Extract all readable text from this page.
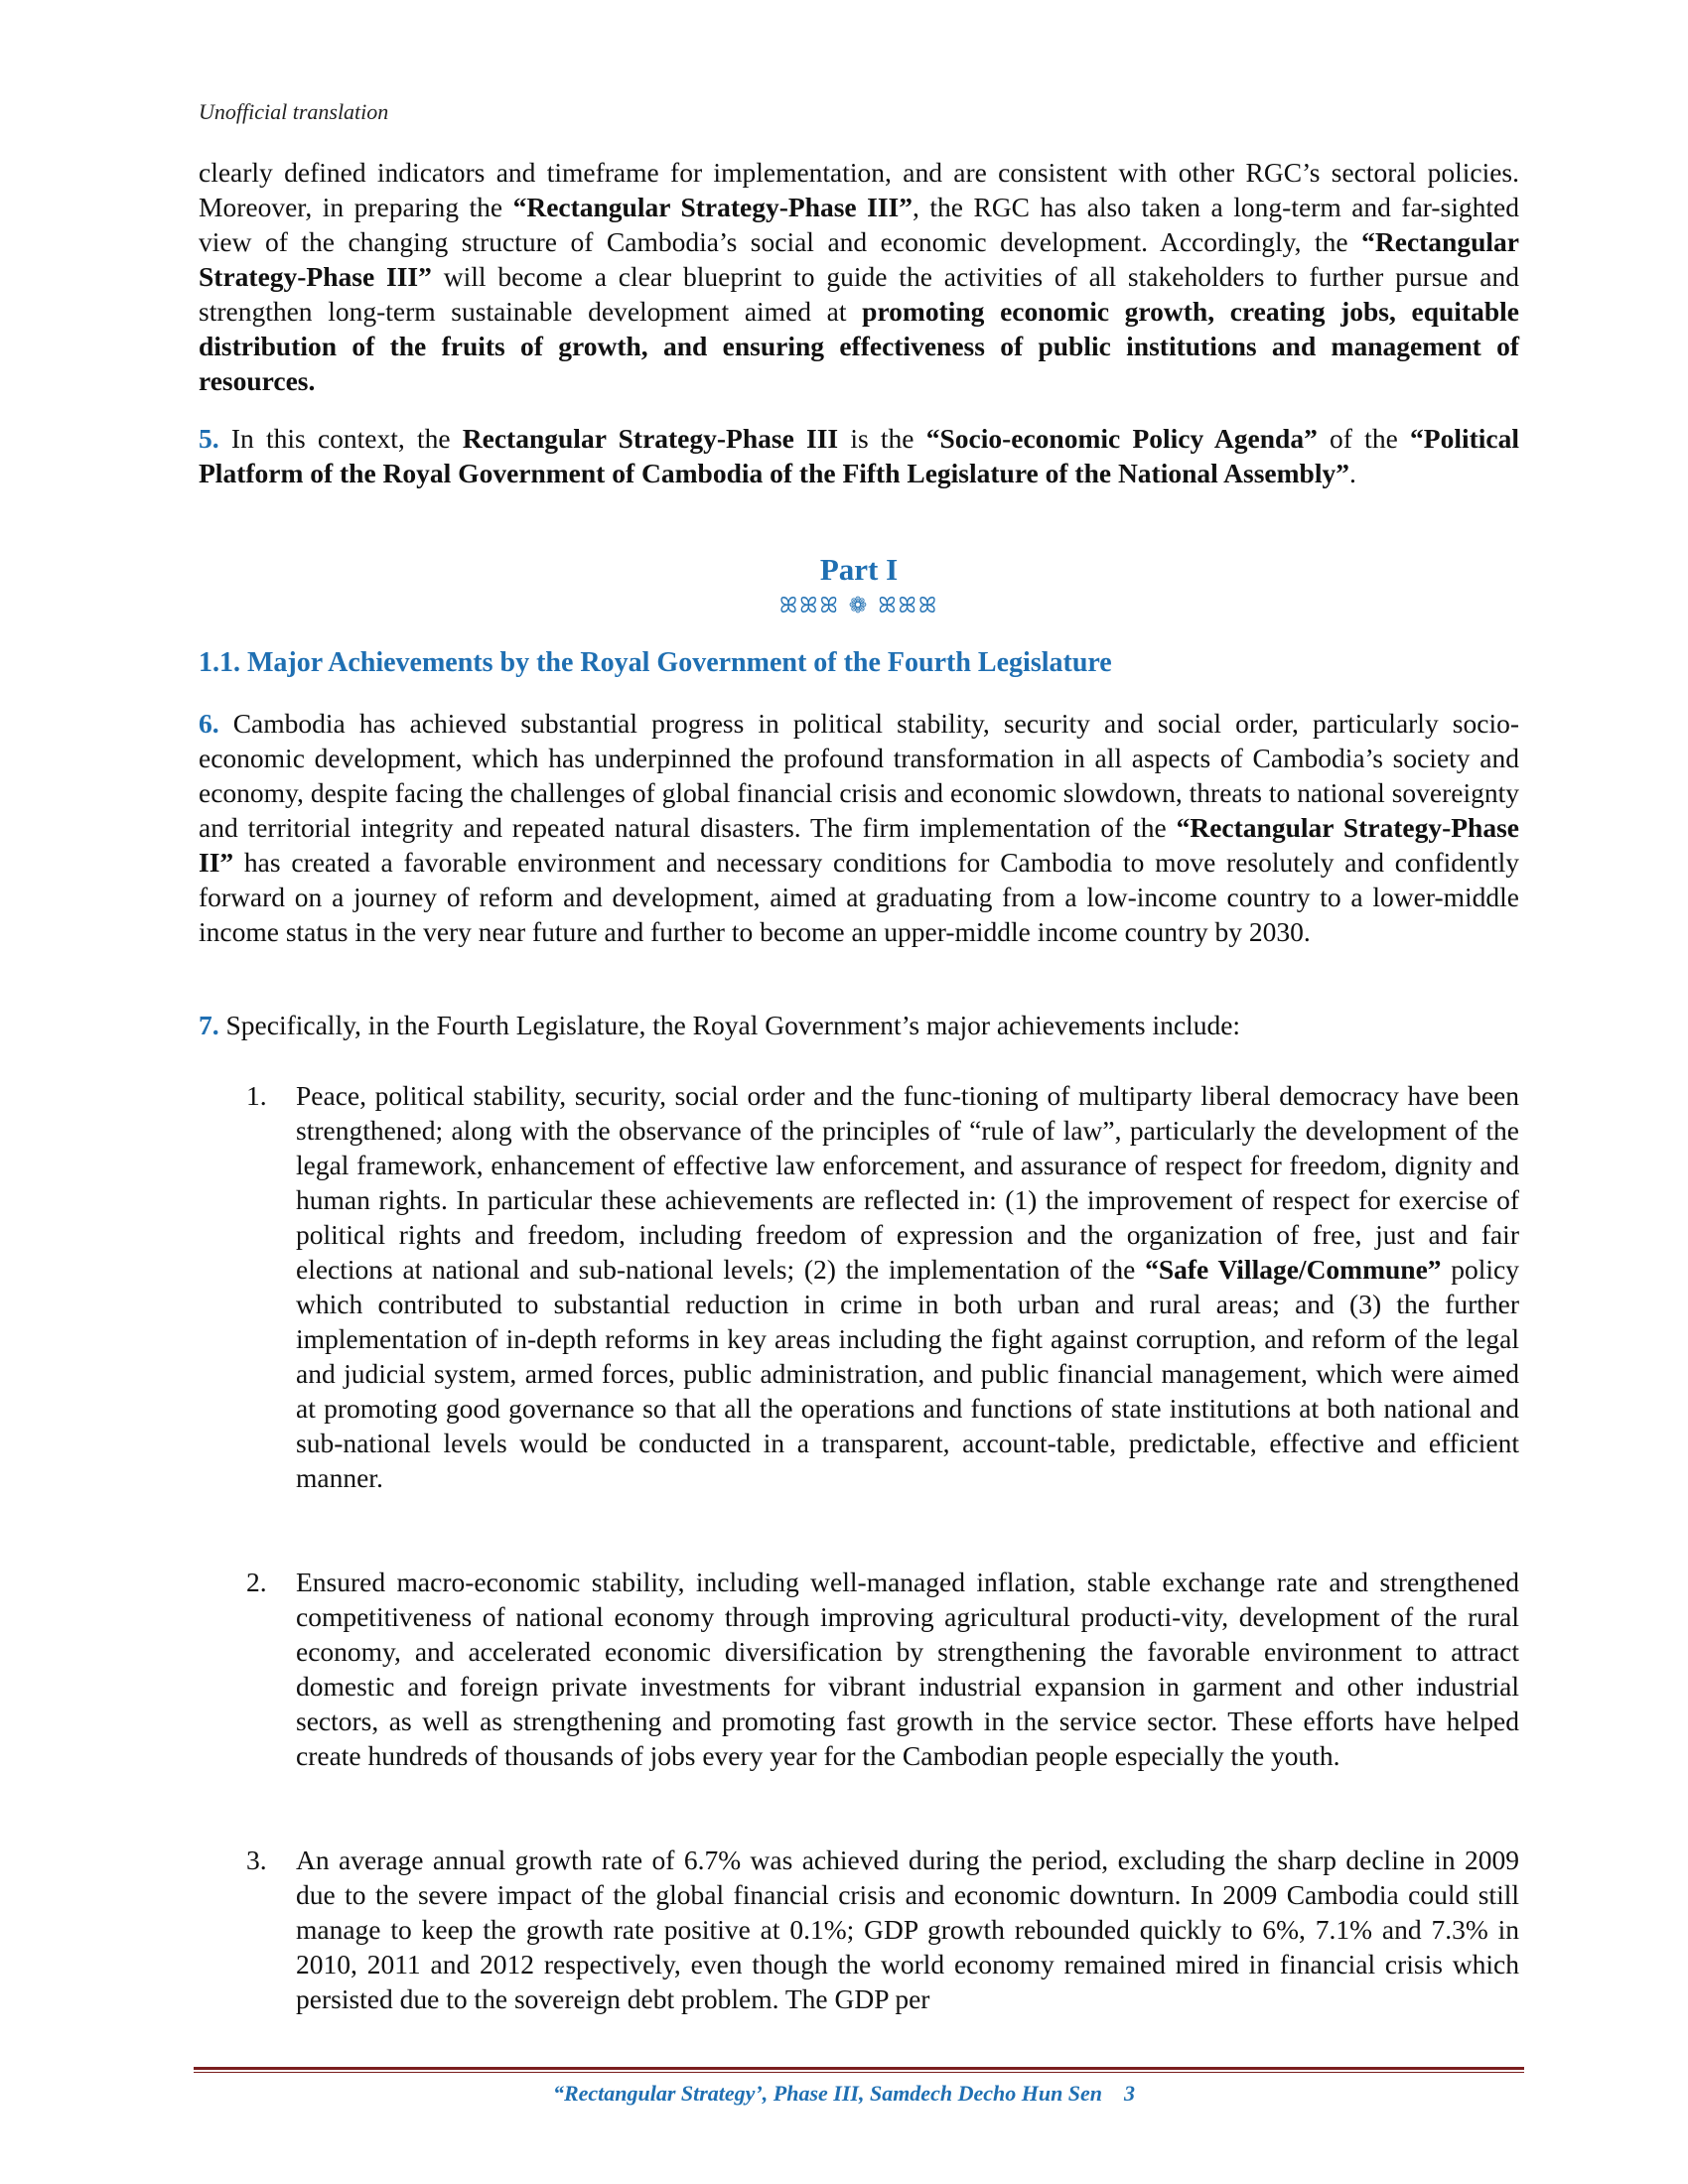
Unofficial translation

clearly defined indicators and timeframe for implementation, and are consistent with other RGC’s sectoral policies. Moreover, in preparing the “Rectangular Strategy-Phase III”, the RGC has also taken a long-term and far-sighted view of the changing structure of Cambodia’s social and economic development. Accordingly, the “Rectangular Strategy-Phase III” will become a clear blueprint to guide the activities of all stakeholders to further pursue and strengthen long-term sustainable development aimed at promoting economic growth, creating jobs, equitable distribution of the fruits of growth, and ensuring effectiveness of public institutions and management of resources.

5. In this context, the Rectangular Strategy-Phase III is the “Socio-economic Policy Agenda” of the “Political Platform of the Royal Government of Cambodia of the Fifth Legislature of the National Assembly”.

Part I
ꕤꕤꕤ ❁ ꕤꕤꕤ
1.1. Major Achievements by the Royal Government of the Fourth Legislature

6. Cambodia has achieved substantial progress in political stability, security and social order, particularly socio-economic development, which has underpinned the profound transformation in all aspects of Cambodia’s society and economy, despite facing the challenges of global financial crisis and economic slowdown, threats to national sovereignty and territorial integrity and repeated natural disasters. The firm implementation of the “Rectangular Strategy-Phase II” has created a favorable environment and necessary conditions for Cambodia to move resolutely and confidently forward on a journey of reform and development, aimed at graduating from a low-income country to a lower-middle income status in the very near future and further to become an upper-middle income country by 2030.

7. Specifically, in the Fourth Legislature, the Royal Government’s major achievements include:

1. Peace, political stability, security, social order and the func-tioning of multiparty liberal democracy have been strengthened; along with the observance of the principles of “rule of law”, particularly the development of the legal framework, enhancement of effective law enforcement, and assurance of respect for freedom, dignity and human rights. In particular these achievements are reflected in: (1) the improvement of respect for exercise of political rights and freedom, including freedom of expression and the organization of free, just and fair elections at national and sub-national levels; (2) the implementation of the “Safe Village/Commune” policy which contributed to substantial reduction in crime in both urban and rural areas; and (3) the further implementation of in-depth reforms in key areas including the fight against corruption, and reform of the legal and judicial system, armed forces, public administration, and public financial management, which were aimed at promoting good governance so that all the operations and functions of state institutions at both national and sub-national levels would be conducted in a transparent, account-table, predictable, effective and efficient manner.

2. Ensured macro-economic stability, including well-managed inflation, stable exchange rate and strengthened competitiveness of national economy through improving agricultural producti-vity, development of the rural economy, and accelerated economic diversification by strengthening the favorable environment to attract domestic and foreign private investments for vibrant industrial expansion in garment and other industrial sectors, as well as strengthening and promoting fast growth in the service sector. These efforts have helped create hundreds of thousands of jobs every year for the Cambodian people especially the youth.

3. An average annual growth rate of 6.7% was achieved during the period, excluding the sharp decline in 2009 due to the severe impact of the global financial crisis and economic downturn. In 2009 Cambodia could still manage to keep the growth rate positive at 0.1%; GDP growth rebounded quickly to 6%, 7.1% and 7.3% in 2010, 2011 and 2012 respectively, even though the world economy remained mired in financial crisis which persisted due to the sovereign debt problem. The GDP per

“Rectangular Strategy’, Phase III, Samdech Decho Hun Sen 3
